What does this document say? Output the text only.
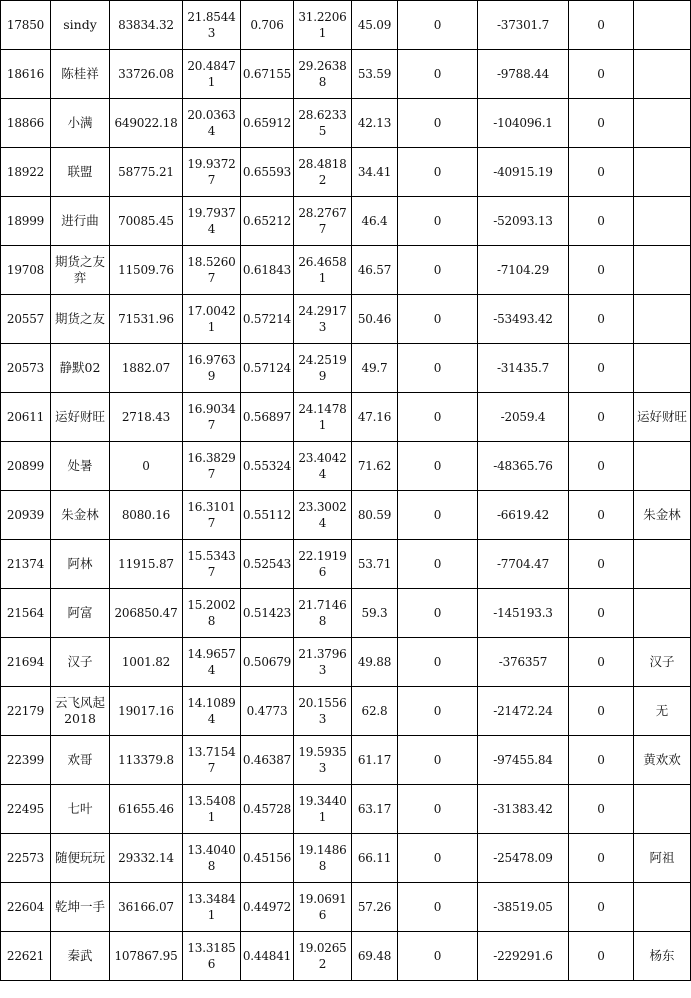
17850	sindy	83834.32	21.85443	0.706	31.22061	45.09	0	-37301.7	0	
18616	陈桂祥	33726.08	20.48471	0.67155	29.26388	53.59	0	-9788.44	0	
18866	小满	649022.18	20.03634	0.65912	28.62335	42.13	0	-104096.1	0	
18922	联盟	58775.21	19.93727	0.65593	28.48182	34.41	0	-40915.19	0	
18999	进行曲	70085.45	19.79374	0.65212	28.27677	46.4	0	-52093.13	0	
19708	期货之友弈	11509.76	18.52607	0.61843	26.46581	46.57	0	-7104.29	0	
20557	期货之友	71531.96	17.00421	0.57214	24.29173	50.46	0	-53493.42	0	
20573	静默02	1882.07	16.97639	0.57124	24.25199	49.7	0	-31435.7	0	
20611	运好财旺	2718.43	16.90347	0.56897	24.14781	47.16	0	-2059.4	0	运好财旺
20899	处暑	0	16.38297	0.55324	23.40424	71.62	0	-48365.76	0	
20939	朱金林	8080.16	16.31017	0.55112	23.30024	80.59	0	-6619.42	0	朱金林
21374	阿林	11915.87	15.53437	0.52543	22.19196	53.71	0	-7704.47	0	
21564	阿富	206850.47	15.20028	0.51423	21.71468	59.3	0	-145193.3	0	
21694	汉子	1001.82	14.96574	0.50679	21.37963	49.88	0	-376357	0	汉子
22179	云飞风起2018	19017.16	14.10894	0.4773	20.15563	62.8	0	-21472.24	0	无
22399	欢哥	113379.8	13.71547	0.46387	19.59353	61.17	0	-97455.84	0	黄欢欢
22495	七叶	61655.46	13.54081	0.45728	19.34401	63.17	0	-31383.42	0	
22573	随便玩玩	29332.14	13.40408	0.45156	19.14868	66.11	0	-25478.09	0	阿祖
22604	乾坤一手	36166.07	13.34841	0.44972	19.06916	57.26	0	-38519.05	0	
22621	秦武	107867.95	13.31856	0.44841	19.02652	69.48	0	-229291.6	0	杨东
